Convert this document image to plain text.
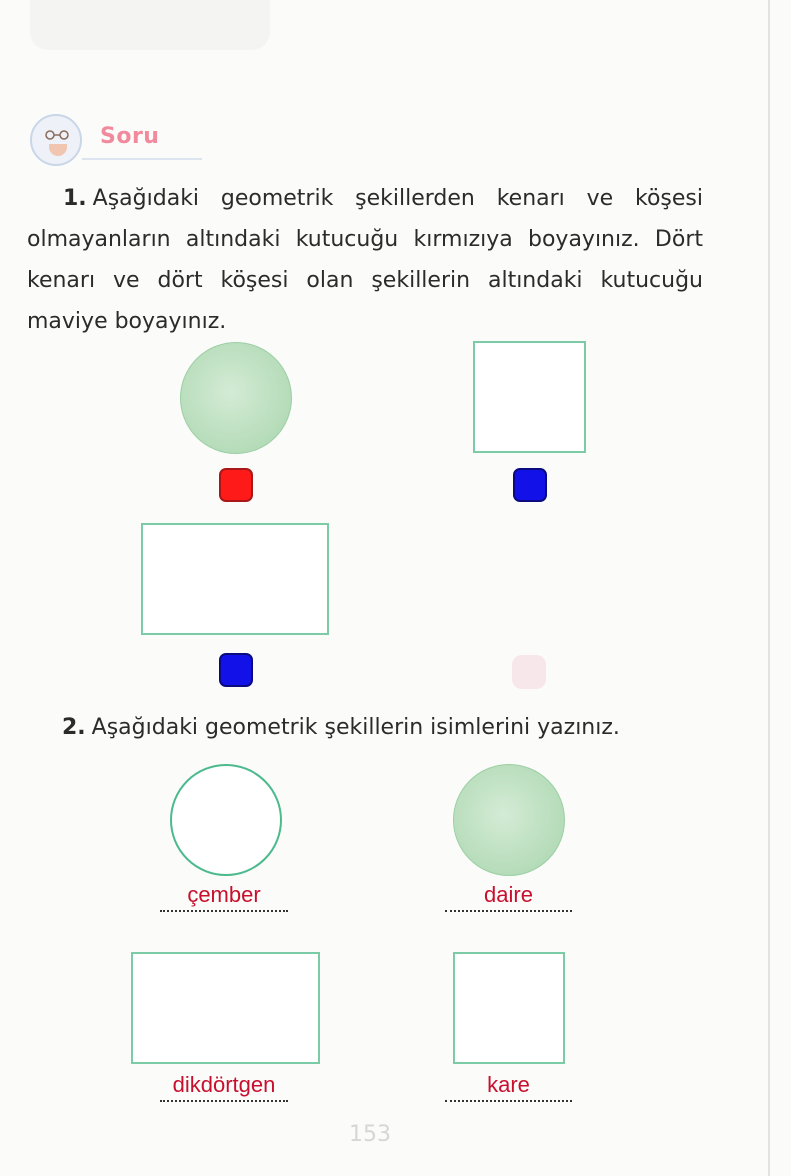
Soru
1. Aşağıdaki geometrik şekillerden kenarı ve köşesi olmayanların altındaki kutucuğu kırmızıya boyayınız. Dört kenarı ve dört köşesi olan şekillerin altındaki kutucuğu maviye boyayınız.
2. Aşağıdaki geometrik şekillerin isimlerini yazınız.
çember	daire
dikdörtgen	kare
153
